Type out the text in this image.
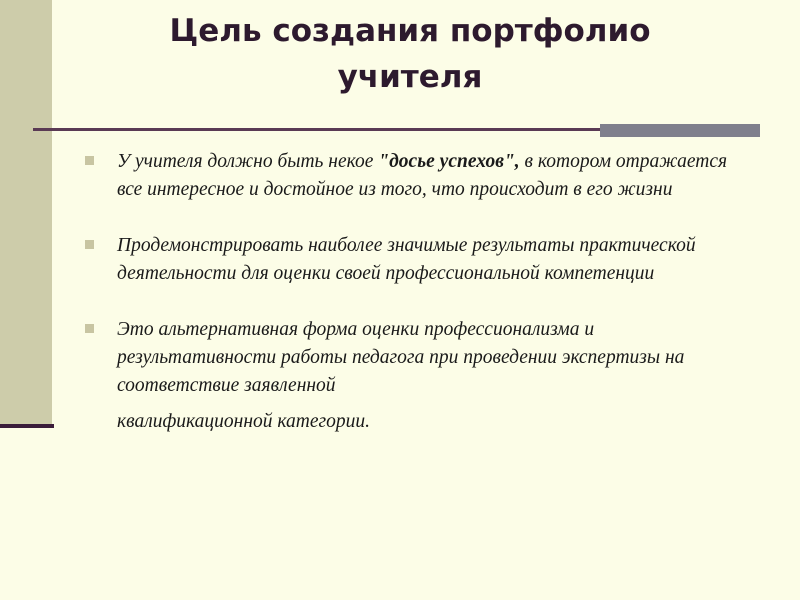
Цель создания портфолио
учителя
У учителя должно быть некое "досье успехов", в котором отражается все интересное и достойное из того, что происходит в его жизни
Продемонстрировать наиболее значимые результаты практической деятельности для оценки своей профессиональной компетенции
Это альтернативная форма оценки профессионализма и результативности работы педагога при проведении экспертизы на соответствие заявленной
квалификационной категории.
